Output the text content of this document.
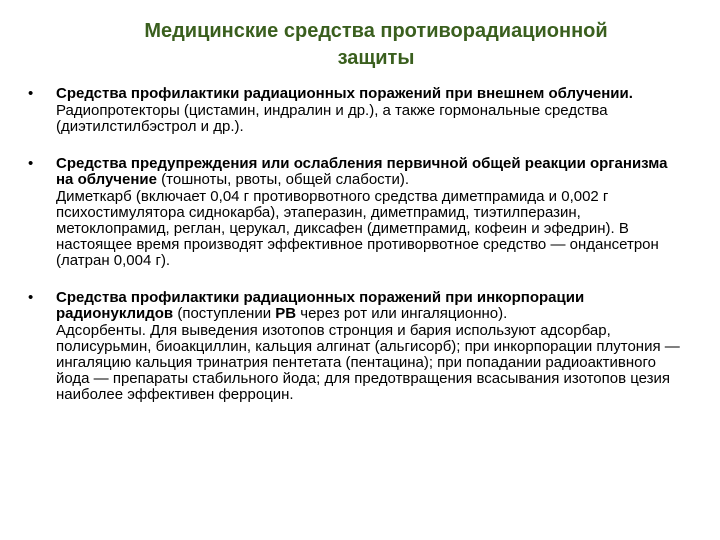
Медицинские средства противорадиационной
защиты
•	Средства профилактики радиационных поражений при внешнем облучении.

Радиопротекторы (цистамин, индралин и др.), а также гормональные средства (диэтилстилбэстрол и др.).

•	Средства предупреждения или ослабления первичной общей реакции организма на облучение (тошноты, рвоты, общей слабости).

Диметкарб (включает 0,04 г противорвотного средства диметпрамида и 0,002 г психостимулятора сиднокарба), этаперазин, диметпрамид, тиэтилперазин, метоклопрамид, реглан, церукал, диксафен (диметпрамид, кофеин и эфедрин). В настоящее время производят эффективное противорвотное средство — ондансетрон (латран 0,004 г).

•	Средства профилактики радиационных поражений при инкорпорации радионуклидов (поступлении РВ через рот или ингаляционно).

Адсорбенты. Для выведения изотопов стронция и бария используют адсорбар, полисурьмин, биоакциллин, кальция алгинат (альгисорб); при инкорпорации плутония — ингаляцию кальция тринатрия пентетата (пентацина); при попадании радиоактивного йода — препараты стабильного йода; для предотвращения всасывания изотопов цезия наиболее эффективен ферроцин.
